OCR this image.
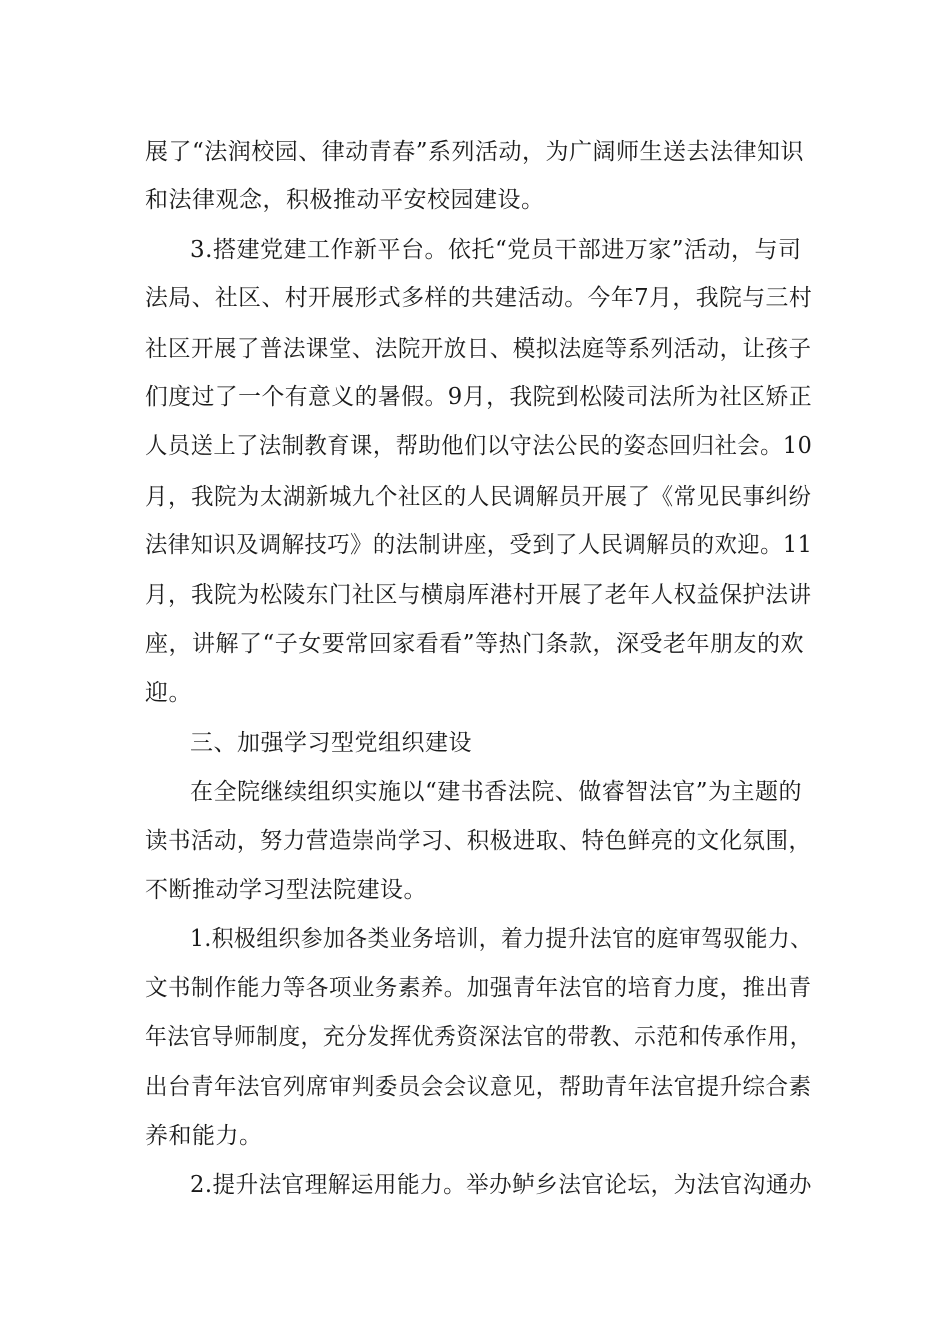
展了“法润校园、律动青春”系列活动，为广阔师生送去法律知识
和法律观念，积极推动平安校园建设。
3.搭建党建工作新平台。依托“党员干部进万家”活动，与司
法局、社区、村开展形式多样的共建活动。今年7月，我院与三村
社区开展了普法课堂、法院开放日、模拟法庭等系列活动，让孩子
们度过了一个有意义的暑假。9月，我院到松陵司法所为社区矫正
人员送上了法制教育课，帮助他们以守法公民的姿态回归社会。10
月，我院为太湖新城九个社区的人民调解员开展了《常见民事纠纷
法律知识及调解技巧》的法制讲座，受到了人民调解员的欢迎。11
月，我院为松陵东门社区与横扇厍港村开展了老年人权益保护法讲
座，讲解了“子女要常回家看看”等热门条款，深受老年朋友的欢
迎。
三、加强学习型党组织建设
在全院继续组织实施以“建书香法院、做睿智法官”为主题的
读书活动，努力营造崇尚学习、积极进取、特色鲜亮的文化氛围，
不断推动学习型法院建设。
1.积极组织参加各类业务培训，着力提升法官的庭审驾驭能力、
文书制作能力等各项业务素养。加强青年法官的培育力度，推出青
年法官导师制度，充分发挥优秀资深法官的带教、示范和传承作用，
出台青年法官列席审判委员会会议意见，帮助青年法官提升综合素
养和能力。
2.提升法官理解运用能力。举办鲈乡法官论坛，为法官沟通办
